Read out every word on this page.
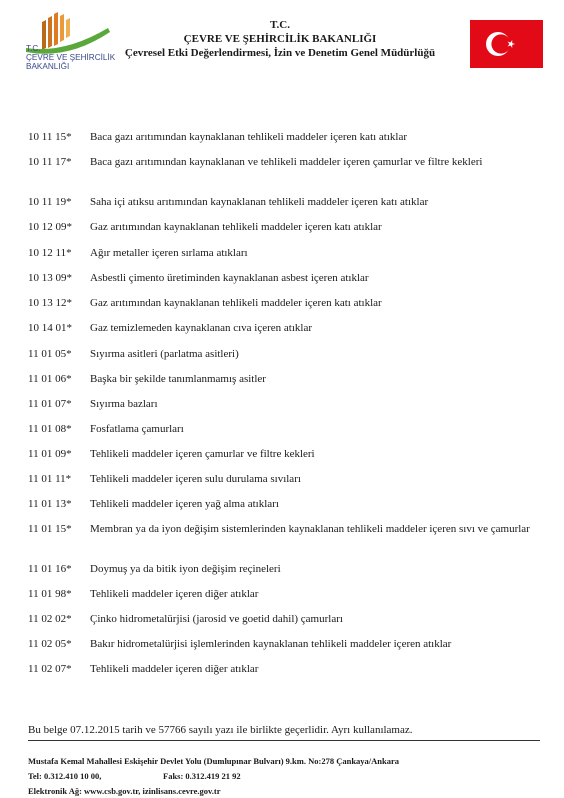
T.C.
ÇEVRE VE ŞEHİRCİLİK
BAKANLIĞI
T.C.
ÇEVRE VE ŞEHİRCİLİK BAKANLIĞI
Çevresel Etki Değerlendirmesi, İzin ve Denetim Genel Müdürlüğü
10 11 15*	Baca gazı arıtımından kaynaklanan tehlikeli maddeler içeren katı atıklar
10 11 17*	Baca gazı arıtımından kaynaklanan ve tehlikeli maddeler içeren çamurlar ve filtre kekleri
10 11 19*	Saha içi atıksu arıtımından kaynaklanan tehlikeli maddeler içeren katı atıklar
10 12 09*	Gaz arıtımından kaynaklanan tehlikeli maddeler içeren katı atıklar
10 12 11*	Ağır metaller içeren sırlama atıkları
10 13 09*	Asbestli çimento üretiminden kaynaklanan asbest içeren atıklar
10 13 12*	Gaz arıtımından kaynaklanan tehlikeli maddeler içeren katı atıklar
10 14 01*	Gaz temizlemeden kaynaklanan cıva içeren atıklar
11 01 05*	Sıyırma asitleri (parlatma asitleri)
11 01 06*	Başka bir şekilde tanımlanmamış asitler
11 01 07*	Sıyırma bazları
11 01 08*	Fosfatlama çamurları
11 01 09*	Tehlikeli maddeler içeren çamurlar ve filtre kekleri
11 01 11*	Tehlikeli maddeler içeren sulu durulama sıvıları
11 01 13*	Tehlikeli maddeler içeren yağ alma atıkları
11 01 15*	Membran ya da iyon değişim sistemlerinden kaynaklanan tehlikeli maddeler içeren sıvı ve çamurlar
11 01 16*	Doymuş ya da bitik iyon değişim reçineleri
11 01 98*	Tehlikeli maddeler içeren diğer atıklar
11 02 02*	Çinko hidrometalürjisi (jarosid ve goetid dahil) çamurları
11 02 05*	Bakır hidrometalürjisi işlemlerinden kaynaklanan tehlikeli maddeler içeren atıklar
11 02 07*	Tehlikeli maddeler içeren diğer atıklar
Bu belge 07.12.2015 tarih ve 57766 sayılı yazı ile birlikte geçerlidir. Ayrı kullanılamaz.
Mustafa Kemal Mahallesi Eskişehir Devlet Yolu (Dumlupınar Bulvarı) 9.km. No:278 Çankaya/Ankara
Tel: 0.312.410 10 00,	Faks: 0.312.419 21 92
Elektronik Ağ: www.csb.gov.tr, izinlisans.cevre.gov.tr
